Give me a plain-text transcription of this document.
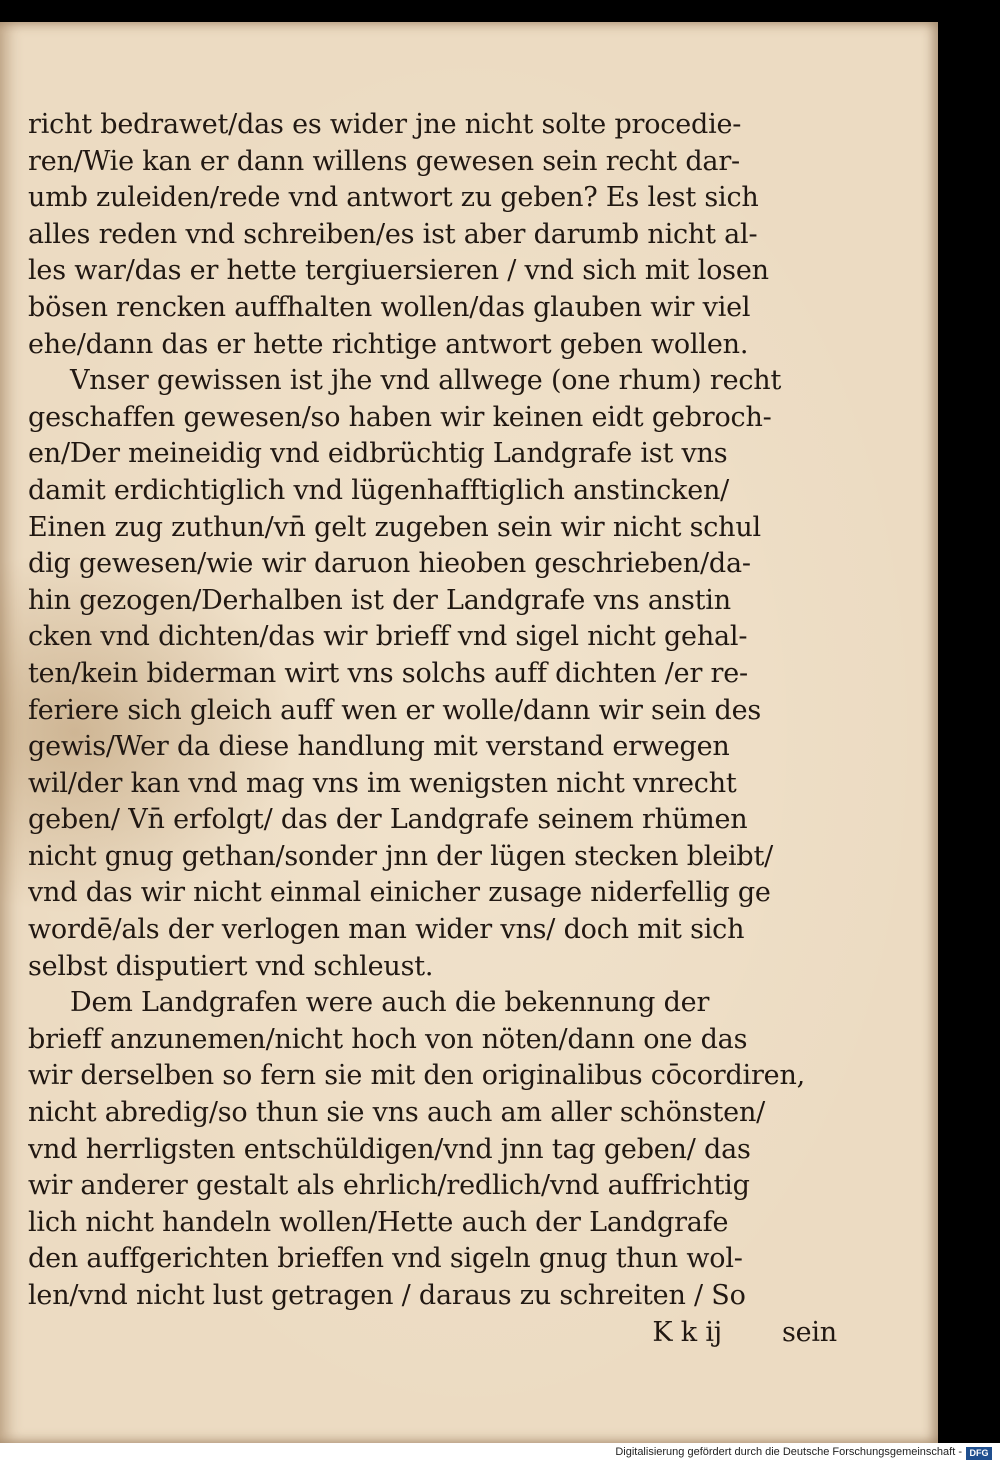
richt bedrawet/das es wider jne nicht solte procedie‑
ren/Wie kan er dann willens gewesen sein recht dar‑
umb zuleiden/rede vnd antwort zu geben? Es lest sich
alles reden vnd schreiben/es ist aber darumb nicht al‑
les war/das er hette tergiuersieren / vnd sich mit losen
bösen rencken auffhalten wollen/das glauben wir viel
ehe/dann das er hette richtige antwort geben wollen.
Vnser gewissen ist jhe vnd allwege (one rhum) recht
geschaffen gewesen/so haben wir keinen eidt gebroch‑
en/Der meineidig vnd eidbrüchtig Landgrafe ist vns
damit erdichtiglich vnd lügenhafftiglich anstincken/
Einen zug zuthun/vn̄ gelt zugeben sein wir nicht schul
dig gewesen/wie wir daruon hieoben geschrieben/da‑
hin gezogen/Derhalben ist der Landgrafe vns anstin
cken vnd dichten/das wir brieff vnd sigel nicht gehal‑
ten/kein biderman wirt vns solchs auff dichten /er re‑
feriere sich gleich auff wen er wolle/dann wir sein des
gewis/Wer da diese handlung mit verstand erwegen
wil/der kan vnd mag vns im wenigsten nicht vnrecht
geben/ Vn̄ erfolgt/ das der Landgrafe seinem rhümen
nicht gnug gethan/sonder jnn der lügen stecken bleibt/
vnd das wir nicht einmal einicher zusage niderfellig ge
wordē/als der verlogen man wider vns/ doch mit sich
selbst disputiert vnd schleust.
Dem Landgrafen were auch die bekennung der
brieff anzunemen/nicht hoch von nöten/dann one das
wir derselben so fern sie mit den originalibus cōcordiren,
nicht abredig/so thun sie vns auch am aller schönsten/
vnd herrligsten entschüldigen/vnd jnn tag geben/ das
wir anderer gestalt als ehrlich/redlich/vnd auffrichtig
lich nicht handeln wollen/Hette auch der Landgrafe
den auffgerichten brieffen vnd sigeln gnug thun wol‑
len/vnd nicht lust getragen / daraus zu schreiten / So
K k ij sein
Digitalisierung gefördert durch die Deutsche Forschungsgemeinschaft - DFG
